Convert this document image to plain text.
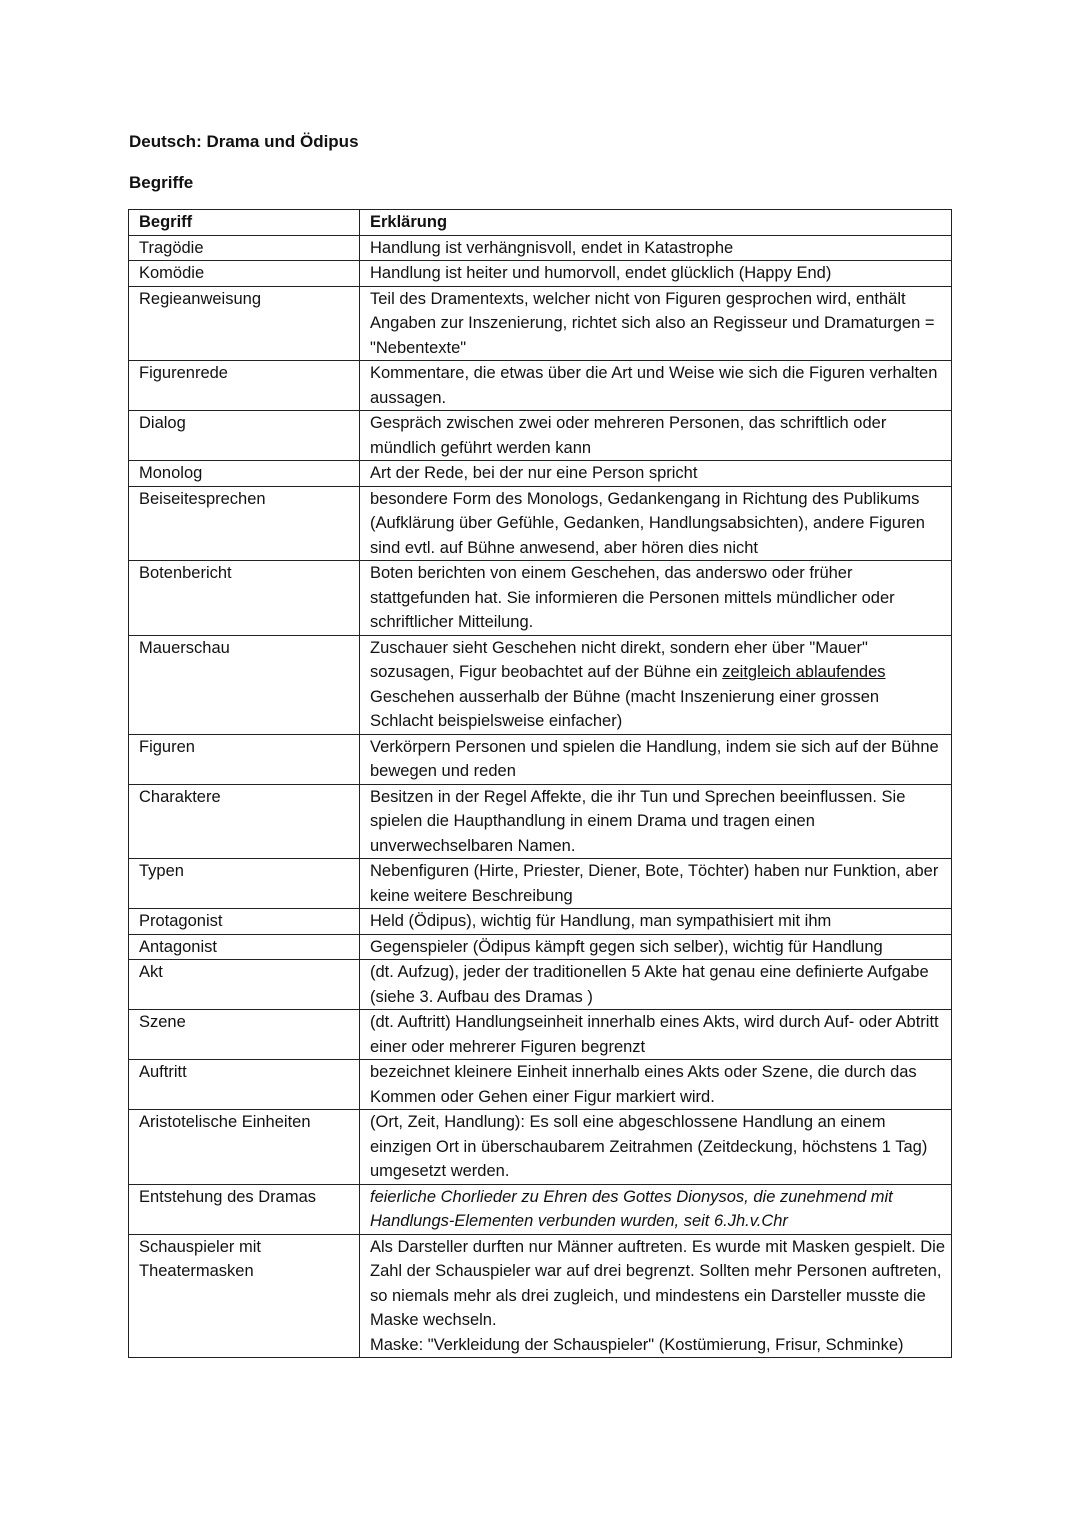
Deutsch: Drama und Ödipus

Begriffe

Begriff	Erklärung
Tragödie	Handlung ist verhängnisvoll, endet in Katastrophe
Komödie	Handlung ist heiter und humorvoll, endet glücklich (Happy End)
Regieanweisung	Teil des Dramentexts, welcher nicht von Figuren gesprochen wird, enthält Angaben zur Inszenierung, richtet sich also an Regisseur und Dramaturgen = "Nebentexte"
Figurenrede	Kommentare, die etwas über die Art und Weise wie sich die Figuren verhalten aussagen.
Dialog	Gespräch zwischen zwei oder mehreren Personen, das schriftlich oder mündlich geführt werden kann
Monolog	Art der Rede, bei der nur eine Person spricht
Beiseitesprechen	besondere Form des Monologs, Gedankengang in Richtung des Publikums (Aufklärung über Gefühle, Gedanken, Handlungsabsichten), andere Figuren sind evtl. auf Bühne anwesend, aber hören dies nicht
Botenbericht	Boten berichten von einem Geschehen, das anderswo oder früher stattgefunden hat. Sie informieren die Personen mittels mündlicher oder schriftlicher Mitteilung.
Mauerschau	Zuschauer sieht Geschehen nicht direkt, sondern eher über "Mauer" sozusagen, Figur beobachtet auf der Bühne ein zeitgleich ablaufendes Geschehen ausserhalb der Bühne (macht Inszenierung einer grossen Schlacht beispielsweise einfacher)
Figuren	Verkörpern Personen und spielen die Handlung, indem sie sich auf der Bühne bewegen und reden
Charaktere	Besitzen in der Regel Affekte, die ihr Tun und Sprechen beeinflussen. Sie spielen die Haupthandlung in einem Drama und tragen einen unverwechselbaren Namen.
Typen	Nebenfiguren (Hirte, Priester, Diener, Bote, Töchter) haben nur Funktion, aber keine weitere Beschreibung
Protagonist	Held (Ödipus), wichtig für Handlung, man sympathisiert mit ihm
Antagonist	Gegenspieler (Ödipus kämpft gegen sich selber), wichtig für Handlung
Akt	(dt. Aufzug), jeder der traditionellen 5 Akte hat genau eine definierte Aufgabe (siehe 3. Aufbau des Dramas )
Szene	(dt. Auftritt) Handlungseinheit innerhalb eines Akts, wird durch Auf- oder Abtritt einer oder mehrerer Figuren begrenzt
Auftritt	bezeichnet kleinere Einheit innerhalb eines Akts oder Szene, die durch das Kommen oder Gehen einer Figur markiert wird.
Aristotelische Einheiten	(Ort, Zeit, Handlung): Es soll eine abgeschlossene Handlung an einem einzigen Ort in überschaubarem Zeitrahmen (Zeitdeckung, höchstens 1 Tag) umgesetzt werden.
Entstehung des Dramas	feierliche Chorlieder zu Ehren des Gottes Dionysos, die zunehmend mit Handlungs-Elementen verbunden wurden, seit 6.Jh.v.Chr
Schauspieler mit
Theatermasken	Als Darsteller durften nur Männer auftreten. Es wurde mit Masken gespielt. Die Zahl der Schauspieler war auf drei begrenzt. Sollten mehr Personen auftreten, so niemals mehr als drei zugleich, und mindestens ein Darsteller musste die Maske wechseln.
Maske: "Verkleidung der Schauspieler" (Kostümierung, Frisur, Schminke)
